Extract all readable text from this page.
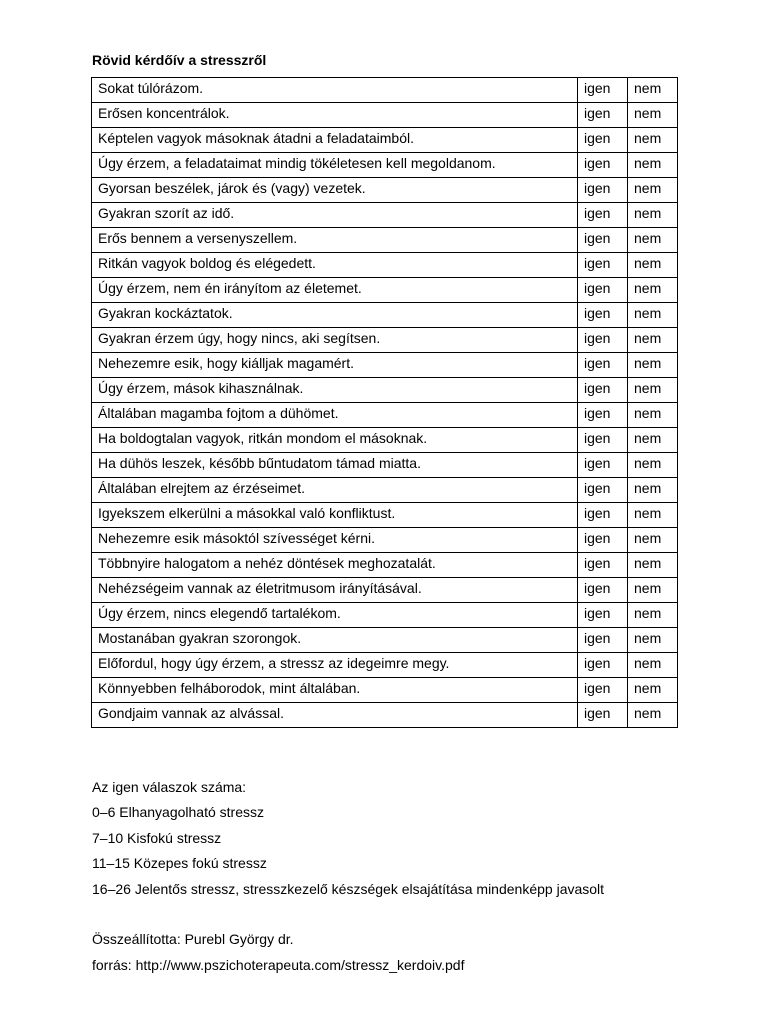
Rövid kérdőív a stresszről
Sokat túlórázom.	igen	nem
Erősen koncentrálok.	igen	nem
Képtelen vagyok másoknak átadni a feladataimból.	igen	nem
Úgy érzem, a feladataimat mindig tökéletesen kell megoldanom.	igen	nem
Gyorsan beszélek, járok és (vagy) vezetek.	igen	nem
Gyakran szorít az idő.	igen	nem
Erős bennem a versenyszellem.	igen	nem
Ritkán vagyok boldog és elégedett.	igen	nem
Úgy érzem, nem én irányítom az életemet.	igen	nem
Gyakran kockáztatok.	igen	nem
Gyakran érzem úgy, hogy nincs, aki segítsen.	igen	nem
Nehezemre esik, hogy kiálljak magamért.	igen	nem
Úgy érzem, mások kihasználnak.	igen	nem
Általában magamba fojtom a dühömet.	igen	nem
Ha boldogtalan vagyok, ritkán mondom el másoknak.	igen	nem
Ha dühös leszek, később bűntudatom támad miatta.	igen	nem
Általában elrejtem az érzéseimet.	igen	nem
Igyekszem elkerülni a másokkal való konfliktust.	igen	nem
Nehezemre esik másoktól szívességet kérni.	igen	nem
Többnyire halogatom a nehéz döntések meghozatalát.	igen	nem
Nehézségeim vannak az életritmusom irányításával.	igen	nem
Úgy érzem, nincs elegendő tartalékom.	igen	nem
Mostanában gyakran szorongok.	igen	nem
Előfordul, hogy úgy érzem, a stressz az idegeimre megy.	igen	nem
Könnyebben felháborodok, mint általában.	igen	nem
Gondjaim vannak az alvással.	igen	nem

Az igen válaszok száma:

0–6 Elhanyagolható stressz

7–10 Kisfokú stressz

11–15 Közepes fokú stressz

16–26 Jelentős stressz, stresszkezelő készségek elsajátítása mindenképp javasolt

Összeállította: Purebl György dr.

forrás: http://www.pszichoterapeuta.com/stressz_kerdoiv.pdf
